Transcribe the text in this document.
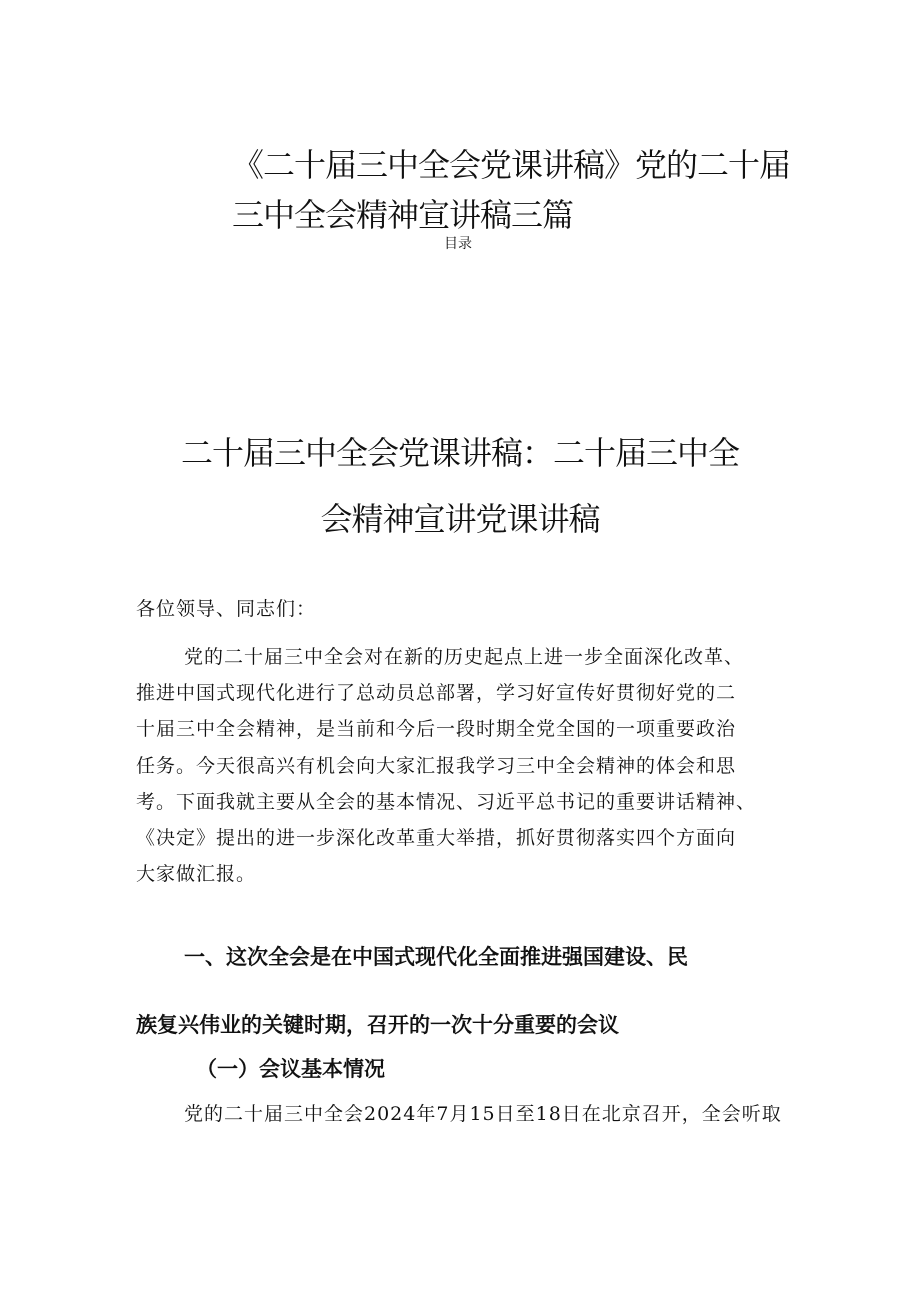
《二十届三中全会党课讲稿》党的二十届
三中全会精神宣讲稿三篇

目录

二十届三中全会党课讲稿：二十届三中全
会精神宣讲党课讲稿

各位领导、同志们：

党的二十届三中全会对在新的历史起点上进一步全面深化改革、
推进中国式现代化进行了总动员总部署，学习好宣传好贯彻好党的二
十届三中全会精神，是当前和今后一段时期全党全国的一项重要政治
任务。今天很高兴有机会向大家汇报我学习三中全会精神的体会和思
考。下面我就主要从全会的基本情况、习近平总书记的重要讲话精神、
《决定》提出的进一步深化改革重大举措，抓好贯彻落实四个方面向
大家做汇报。
一、这次全会是在中国式现代化全面推进强国建设、民
族复兴伟业的关键时期，召开的一次十分重要的会议
（一）会议基本情况

党的二十届三中全会2024年7月15日至18日在北京召开，全会听取
